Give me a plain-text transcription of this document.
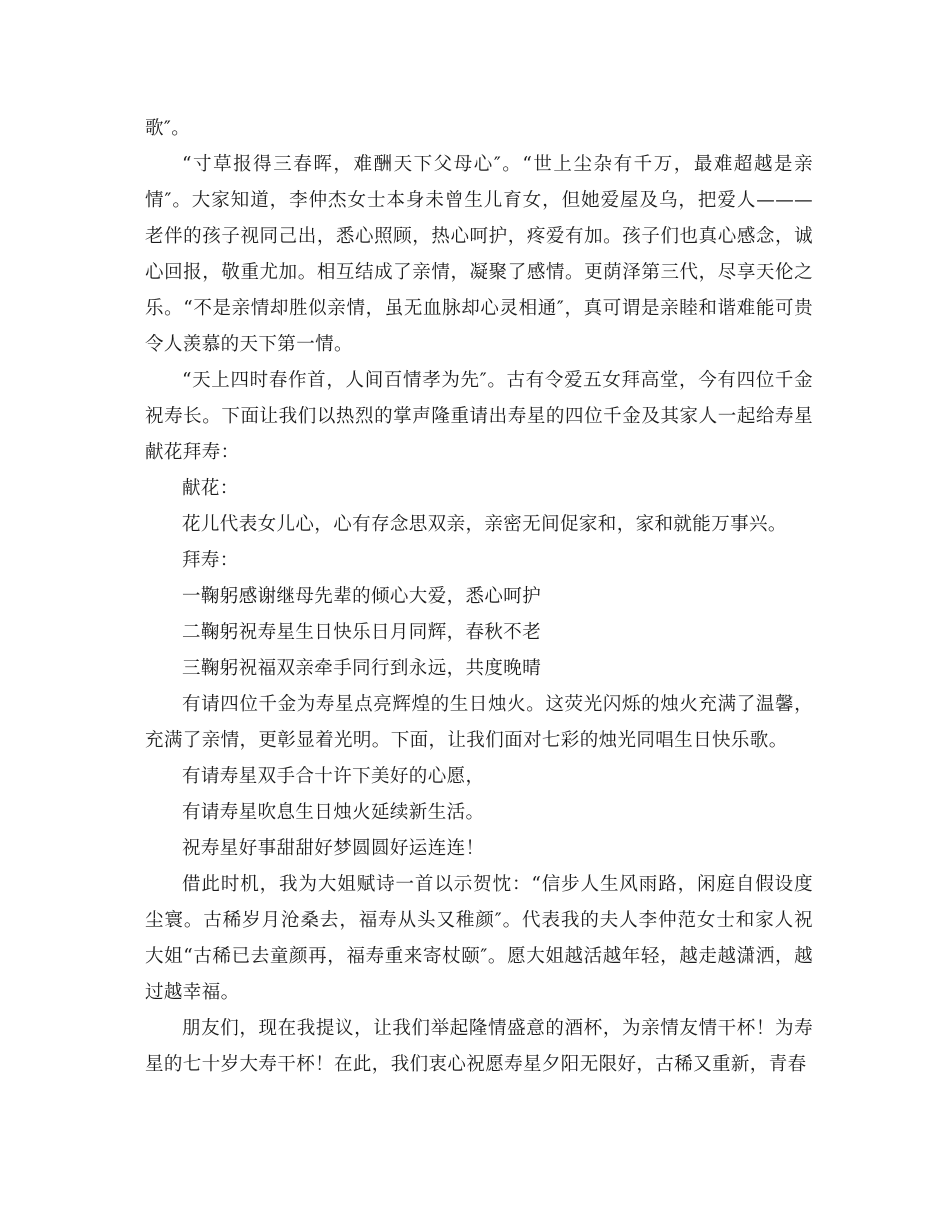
歌″。

“寸草报得三春晖，难酬天下父母心″。“世上尘杂有千万，最难超越是亲情″。大家知道，李仲杰女士本身未曾生儿育女，但她爱屋及乌，把爱人———老伴的孩子视同己出，悉心照顾，热心呵护，疼爱有加。孩子们也真心感念，诚心回报，敬重尤加。相互结成了亲情，凝聚了感情。更荫泽第三代，尽享天伦之乐。“不是亲情却胜似亲情，虽无血脉却心灵相通″，真可谓是亲睦和谐难能可贵令人羡慕的天下第一情。

“天上四时春作首，人间百情孝为先″。古有令爱五女拜高堂，今有四位千金祝寿长。下面让我们以热烈的掌声隆重请出寿星的四位千金及其家人一起给寿星献花拜寿：

献花：

花儿代表女儿心，心有存念思双亲，亲密无间促家和，家和就能万事兴。

拜寿：

一鞠躬感谢继母先辈的倾心大爱，悉心呵护

二鞠躬祝寿星生日快乐日月同辉，春秋不老

三鞠躬祝福双亲牵手同行到永远，共度晚晴

有请四位千金为寿星点亮辉煌的生日烛火。这荧光闪烁的烛火充满了温馨，充满了亲情，更彰显着光明。下面，让我们面对七彩的烛光同唱生日快乐歌。

有请寿星双手合十许下美好的心愿，

有请寿星吹息生日烛火延续新生活。

祝寿星好事甜甜好梦圆圆好运连连！

借此时机，我为大姐赋诗一首以示贺忱：“信步人生风雨路，闲庭自假设度尘寰。古稀岁月沧桑去，福寿从头又稚颜″。代表我的夫人李仲范女士和家人祝大姐“古稀已去童颜再，福寿重来寄杖颐″。愿大姐越活越年轻，越走越潇洒，越过越幸福。

朋友们，现在我提议，让我们举起隆情盛意的酒杯，为亲情友情干杯！为寿星的七十岁大寿干杯！在此，我们衷心祝愿寿星夕阳无限好，古稀又重新，青春
